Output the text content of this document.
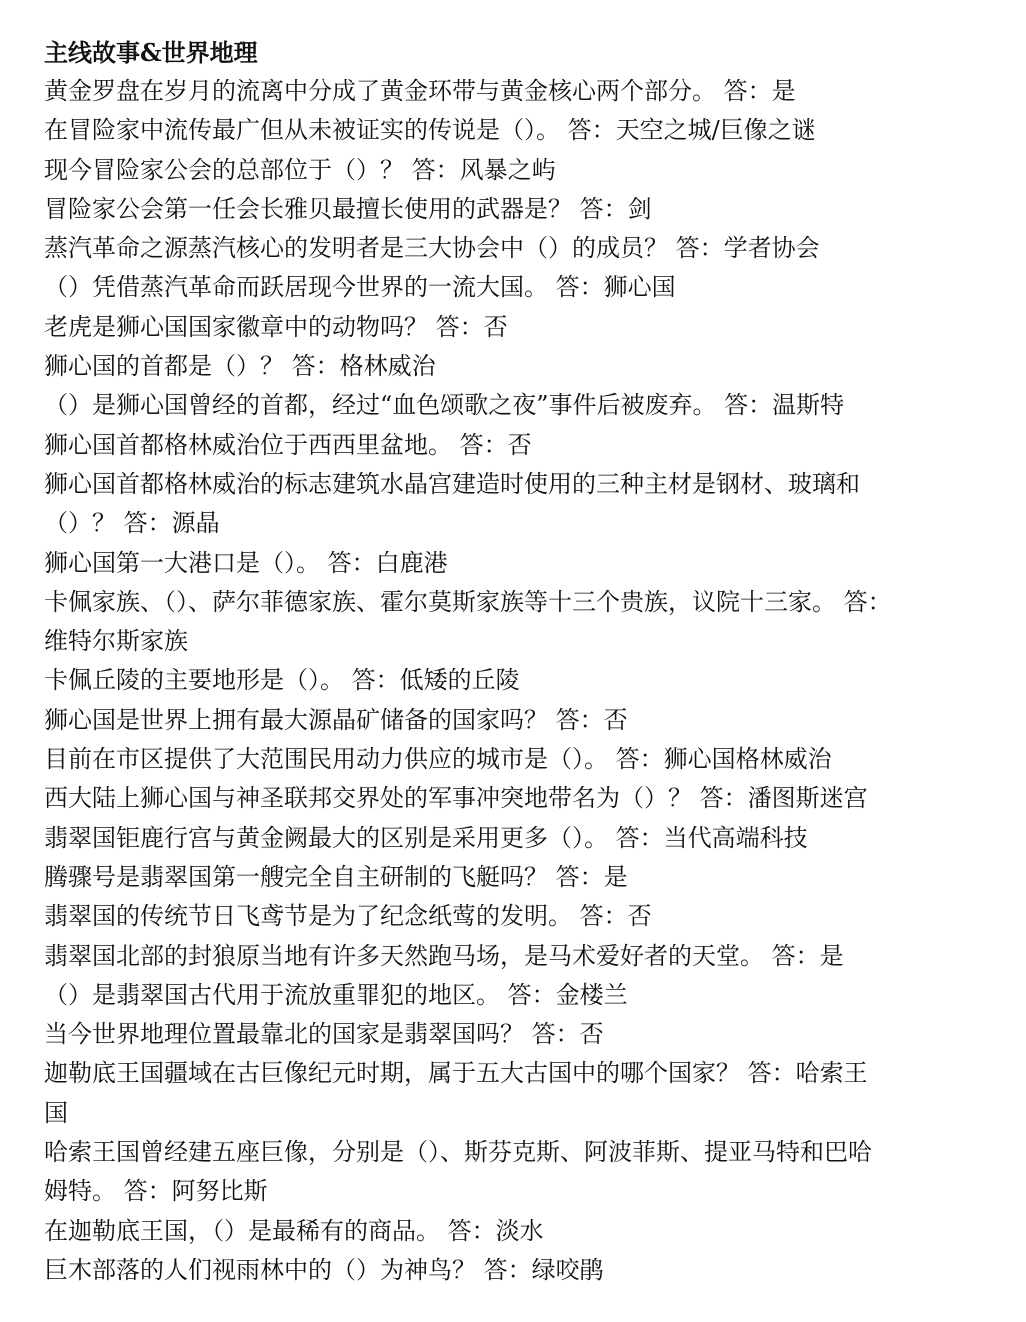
主线故事&世界地理

黄金罗盘在岁月的流离中分成了黄金环带与黄金核心两个部分。 答：是

在冒险家中流传最广但从未被证实的传说是（）。 答：天空之城/巨像之谜

现今冒险家公会的总部位于（）？ 答：风暴之屿

冒险家公会第一任会长雅贝最擅长使用的武器是？ 答：剑

蒸汽革命之源蒸汽核心的发明者是三大协会中（）的成员？ 答：学者协会

（）凭借蒸汽革命而跃居现今世界的一流大国。 答：狮心国

老虎是狮心国国家徽章中的动物吗？ 答：否

狮心国的首都是（）？ 答：格林威治

（）是狮心国曾经的首都，经过“血色颂歌之夜”事件后被废弃。 答：温斯特

狮心国首都格林威治位于西西里盆地。 答：否

狮心国首都格林威治的标志建筑水晶宫建造时使用的三种主材是钢材、玻璃和

（）？ 答：源晶

狮心国第一大港口是（）。 答：白鹿港

卡佩家族、（）、萨尔菲德家族、霍尔莫斯家族等十三个贵族，议院十三家。 答：

维特尔斯家族

卡佩丘陵的主要地形是（）。 答：低矮的丘陵

狮心国是世界上拥有最大源晶矿储备的国家吗？ 答：否

目前在市区提供了大范围民用动力供应的城市是（）。 答：狮心国格林威治

西大陆上狮心国与神圣联邦交界处的军事冲突地带名为（）？ 答：潘图斯迷宫

翡翠国钜鹿行宫与黄金阙最大的区别是采用更多（）。 答：当代高端科技

腾骤号是翡翠国第一艘完全自主研制的飞艇吗？ 答：是

翡翠国的传统节日飞鸢节是为了纪念纸莺的发明。 答：否

翡翠国北部的封狼原当地有许多天然跑马场，是马术爱好者的天堂。 答：是

（）是翡翠国古代用于流放重罪犯的地区。 答：金楼兰

当今世界地理位置最靠北的国家是翡翠国吗？ 答：否

迦勒底王国疆域在古巨像纪元时期，属于五大古国中的哪个国家？ 答：哈索王

国

哈索王国曾经建五座巨像，分别是（）、斯芬克斯、阿波菲斯、提亚马特和巴哈

姆特。 答：阿努比斯

在迦勒底王国，（）是最稀有的商品。 答：淡水

巨木部落的人们视雨林中的（）为神鸟？ 答：绿咬鹃
